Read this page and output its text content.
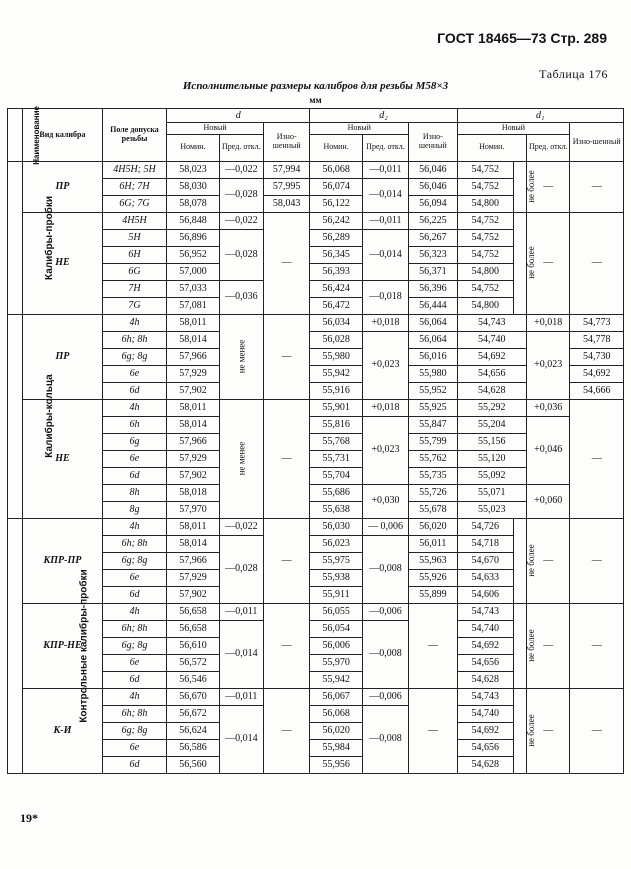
ГОСТ 18465—73 Стр. 289
Таблица 176
Исполнительные размеры калибров для резьбы M58×3
мм
Наименование	Вид калибра	Поле допуска резьбы	d			d₂			d₁			
			Новый		Изно-шенный	Новый		Изно-шенный	Новый			Изно-шенный
			Номин.	Пред. откл.		Номин.	Пред. откл.		Номин.		Пред. откл.	
Калибры-пробки	ПР	4H5H; 5H	58,023	—0,022	57,994	56,068	—0,011	56,046	54,752	не более	—	—
		6H; 7H	58,030	—0,028	57,995	56,074	—0,014	56,046	54,752			
		6G; 7G	58,078		58,043	56,122		56,094	54,800			
	НЕ	4H5H	56,848	—0,022	—	56,242	—0,011	56,225	54,752	не более	—	—
		5H	56,896	—0,028		56,289	—0,014	56,267	54,752			
		6H	56,952			56,345		56,323	54,752			
		6G	57,000			56,393		56,371	54,800			
		7H	57,033	—0,036		56,424	—0,018	56,396	54,752			
		7G	57,081			56,472		56,444	54,800			
Калибры-кольца	ПР	4h	58,011	не менее	—	56,034	+0,018	56,064	54,743		+0,018	54,773
		6h; 8h	58,014			56,028	+0,023	56,064	54,740		+0,023	54,778
		6g; 8g	57,966			55,980		56,016	54,692			54,730
		6e	57,929			55,942		55,980	54,656			54,692
		6d	57,902			55,916		55,952	54,628			54,666
	НЕ	4h	58,011	не менее	—	55,901	+0,018	55,925	55,292		+0,036	—
		6h	58,014			55,816	+0,023	55,847	55,204		+0,046	
		6g	57,966			55,768		55,799	55,156			
		6e	57,929			55,731		55,762	55,120			
		6d	57,902			55,704		55,735	55,092			
		8h	58,018			55,686	+0,030	55,726	55,071		+0,060	
		8g	57,970			55,638		55,678	55,023			
Контрольные калибры-пробки	КПР-ПР	4h	58,011	—0,022	—	56,030	— 0,006	56,020	54,726	не более	—	—
		6h; 8h	58,014	—0,028		56,023	—0,008	56,011	54,718			
		6g; 8g	57,966			55,975		55,963	54,670			
		6e	57,929			55,938		55,926	54,633			
		6d	57,902			55,911		55,899	54,606			
	КПР-НЕ	4h	56,658	—0,011	—	56,055	—0,006	—	54,743	не более	—	—
		6h; 8h	56,658	—0,014		56,054	—0,008		54,740			
		6g; 8g	56,610			56,006			54,692			
		6e	56,572			55,970			54,656			
		6d	56,546			55,942			54,628			
	К-И	4h	56,670	—0,011	—	56,067	—0,006	—	54,743	не более	—	—
		6h; 8h	56,672	—0,014		56,068	—0,008		54,740			
		6g; 8g	56,624			56,020			54,692			
		6e	56,586			55,984			54,656			
		6d	56,560			55,956			54,628			
19*
